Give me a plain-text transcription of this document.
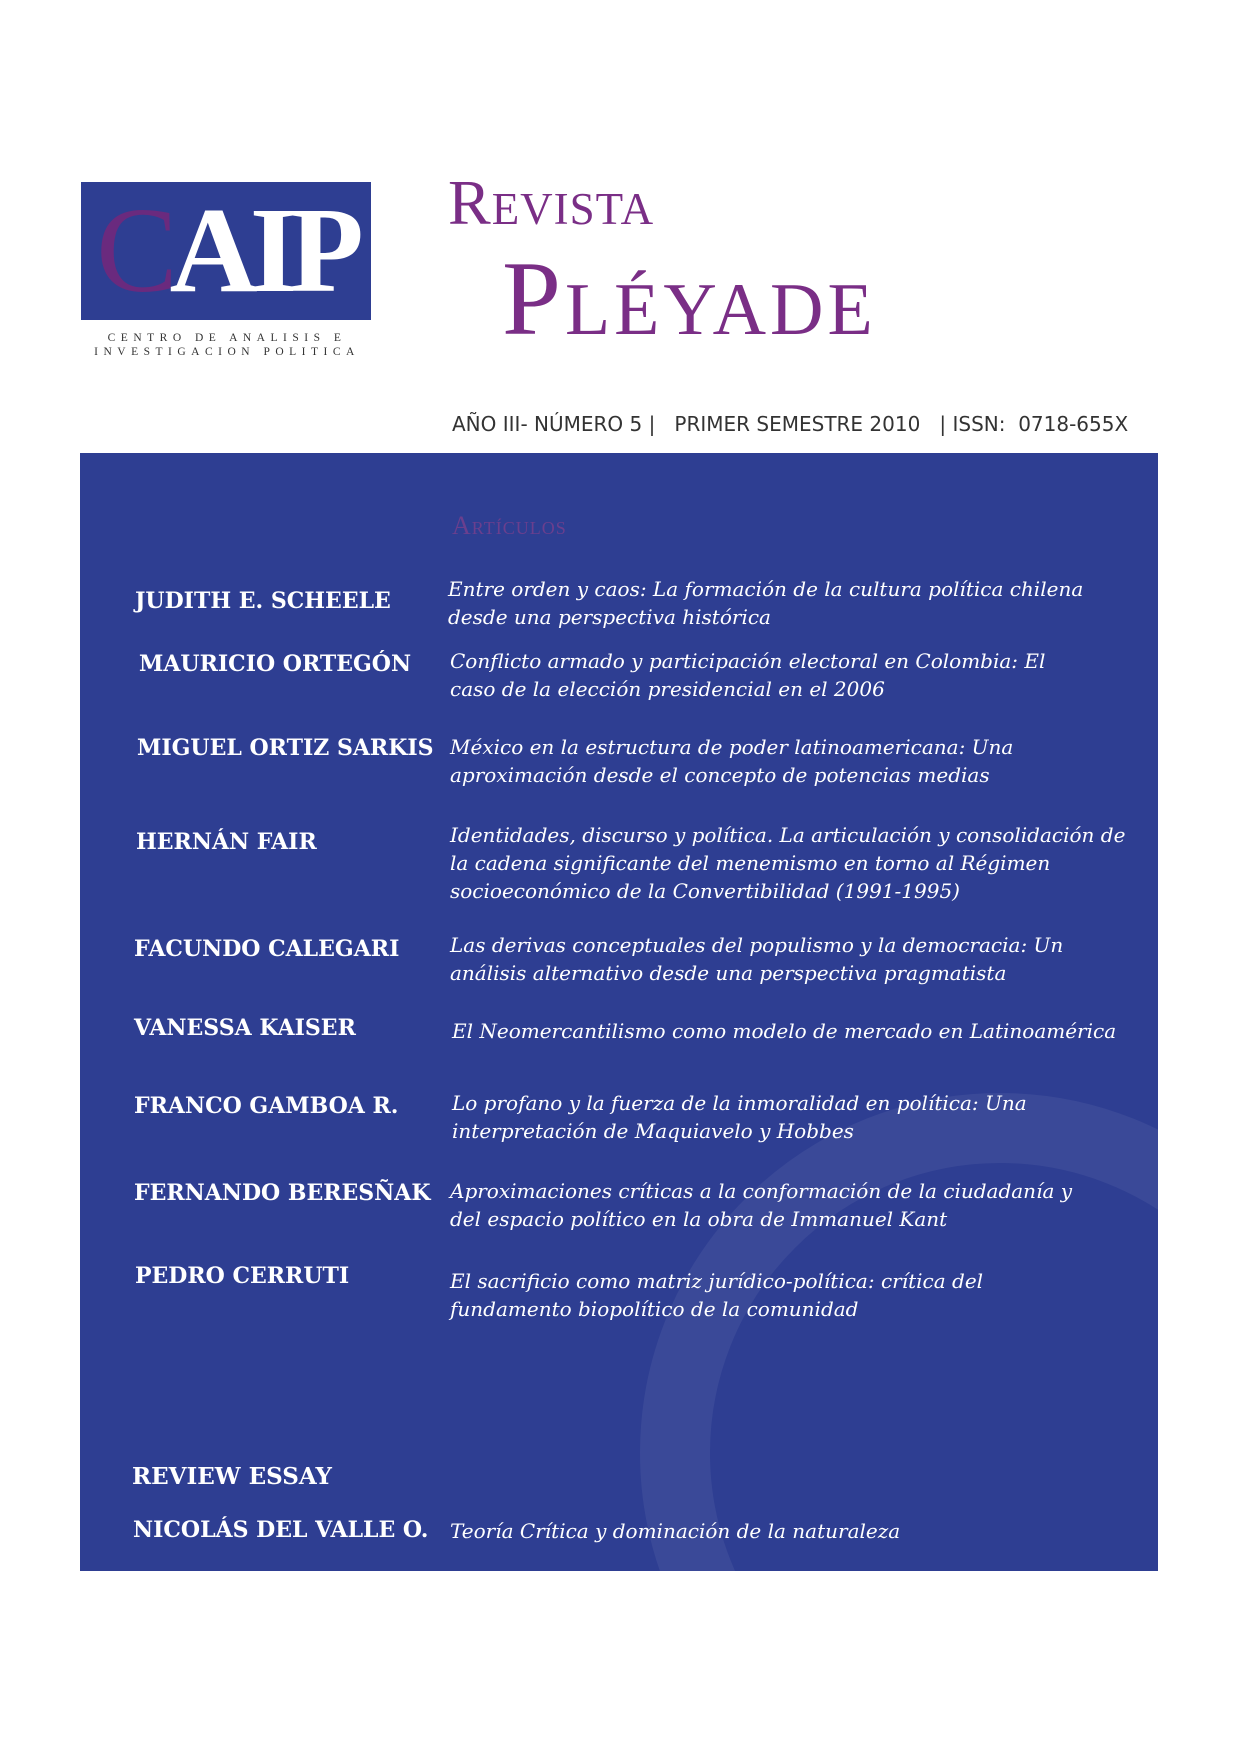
CAIP
CENTRO DE ANALISIS E
INVESTIGACION POLITICA
Revista
Pléyade
AÑO III- NÚMERO 5 |   PRIMER SEMESTRE 2010   | ISSN:  0718-655X
Artículos
JUDITH E. SCHEELE	Entre orden y caos: La formación de la cultura política chilena desde una perspectiva histórica
MAURICIO ORTEGÓN Conflicto armado y participación electoral en Colombia: El caso de la elección presidencial en el 2006
MIGUEL ORTIZ SARKIS México en la estructura de poder latinoamericana: Una aproximación desde el concepto de potencias medias
HERNÁN FAIR	Identidades, discurso y política. La articulación y consolidación de la cadena significante del menemismo en torno al Régimen socioeconómico de la Convertibilidad (1991-1995)
FACUNDO CALEGARI	Las derivas conceptuales del populismo y la democracia: Un análisis alternativo desde una perspectiva pragmatista
VANESSA KAISER	El Neomercantilismo como modelo de mercado en Latinoamérica
FRANCO GAMBOA R.	Lo profano y la fuerza de la inmoralidad en política: Una interpretación de Maquiavelo y Hobbes
FERNANDO BERESÑAK Aproximaciones críticas a la conformación de la ciudadanía y del espacio político en la obra de Immanuel Kant
PEDRO CERRUTI	El sacrificio como matriz jurídico-política: crítica del fundamento biopolítico de la comunidad
REVIEW ESSAY
NICOLÁS DEL VALLE O. Teoría Crítica y dominación de la naturaleza
